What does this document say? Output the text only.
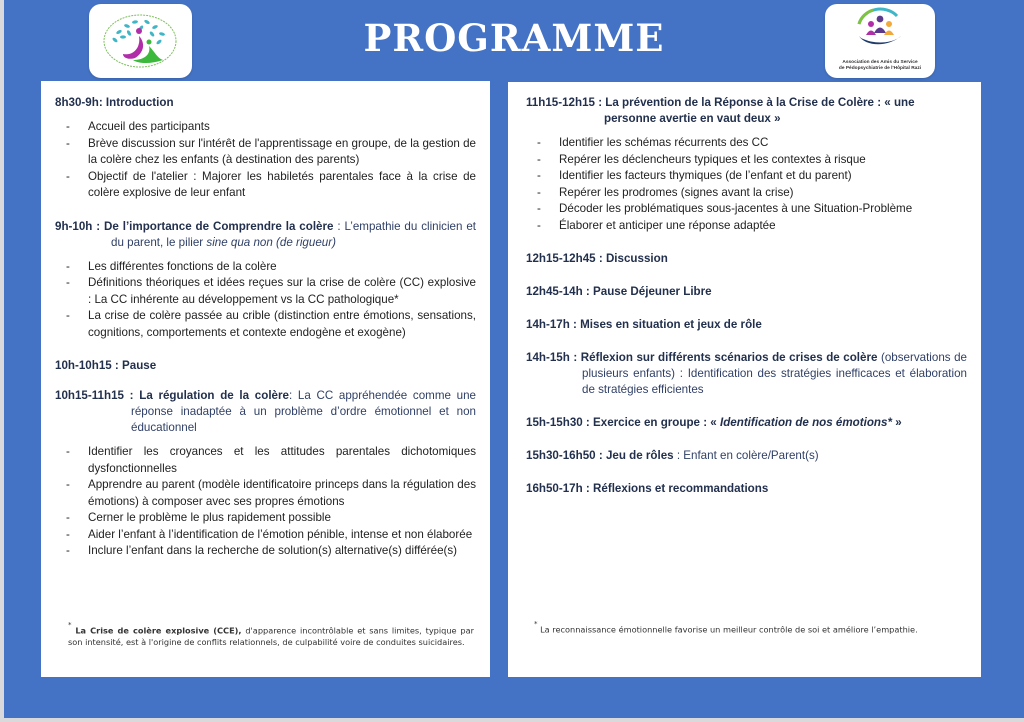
PROGRAMME
Association des Amis du Service
de Pédopsychiatrie de l'Hôpital Razi
8h30-9h: Introduction
- Accueil des participants
- Brève discussion sur l'intérêt de l'apprentissage en groupe, de la gestion de la colère chez les enfants (à destination des parents)
- Objectif de l'atelier : Majorer les habiletés parentales face à la crise de colère explosive de leur enfant
9h-10h : De l’importance de Comprendre la colère : L’empathie du clinicien et du parent, le pilier sine qua non (de rigueur)
- Les différentes fonctions de la colère
- Définitions théoriques et idées reçues sur la crise de colère (CC) explosive : La CC inhérente au développement vs la CC pathologique*
- La crise de colère passée au crible (distinction entre émotions, sensations, cognitions, comportements et contexte endogène et exogène)
10h-10h15 : Pause
10h15-11h15 : La régulation de la colère: La CC appréhendée comme une réponse inadaptée à un problème d’ordre émotionnel et non éducationnel
- Identifier les croyances et les attitudes parentales dichotomiques dysfonctionnelles
- Apprendre au parent (modèle identificatoire princeps dans la régulation des émotions) à composer avec ses propres émotions
- Cerner le problème le plus rapidement possible
- Aider l’enfant à l’identification de l’émotion pénible, intense et non élaborée
- Inclure l’enfant dans la recherche de solution(s) alternative(s) différée(s)
* La Crise de colère explosive (CCE), d'apparence incontrôlable et sans limites, typique par son intensité, est à l'origine de conflits relationnels, de culpabilité voire de conduites suicidaires.
11h15-12h15 : La prévention de la Réponse à la Crise de Colère : « une personne avertie en vaut deux »
- Identifier les schémas récurrents des CC
- Repérer les déclencheurs typiques et les contextes à risque
- Identifier les facteurs thymiques (de l’enfant et du parent)
- Repérer les prodromes (signes avant la crise)
- Décoder les problématiques sous-jacentes à une Situation-Problème
- Élaborer et anticiper une réponse adaptée
12h15-12h45 : Discussion
12h45-14h : Pause Déjeuner Libre
14h-17h : Mises en situation et jeux de rôle
14h-15h : Réflexion sur différents scénarios de crises de colère (observations de plusieurs enfants) : Identification des stratégies inefficaces et élaboration de stratégies efficientes
15h-15h30 : Exercice en groupe : « Identification de nos émotions* »
15h30-16h50 : Jeu de rôles : Enfant en colère/Parent(s)
16h50-17h : Réflexions et recommandations
* La reconnaissance émotionnelle favorise un meilleur contrôle de soi et améliore l’empathie.
